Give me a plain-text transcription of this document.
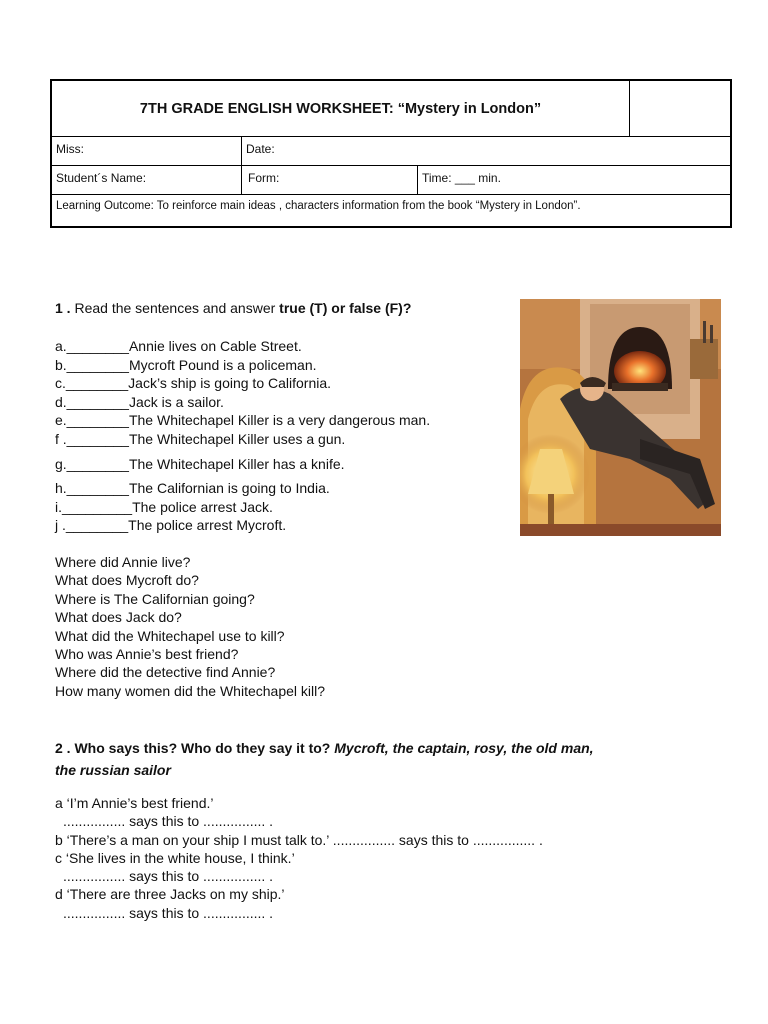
7TH GRADE ENGLISH WORKSHEET: “Mystery in London”
Miss:	Date:
Student´s Name:	Form:	Time: ___ min.
Learning Outcome: To reinforce main ideas , characters information from the book “Mystery in London”.
1 . Read the sentences and answer true (T) or false (F)?
a.________Annie lives on Cable Street.
b.________Mycroft Pound is a policeman.
c.________Jack’s ship is going to California.
d.________Jack is a sailor.
e.________The Whitechapel Killer is a very dangerous man.
f .________The Whitechapel Killer uses a gun.
g.________The Whitechapel Killer has a knife.
h.________The Californian is going to India.
i._________The police arrest Jack.
j .________The police arrest Mycroft.
Where did Annie live?
What does Mycroft do?
Where is The Californian going?
What does Jack do?
What did the Whitechapel use to kill?
Who was Annie’s best friend?
Where did the detective find Annie?
How many women did the Whitechapel kill?
2 . Who says this? Who do they say it to? Mycroft, the captain, rosy, the old man,
the russian sailor
a ‘I’m Annie’s best friend.’
................ says this to ................ .
b ‘There’s a man on your ship I must talk to.’ ................ says this to ................ .
c ‘She lives in the white house, I think.’
................ says this to ................ .
d ‘There are three Jacks on my ship.’
................ says this to ................ .
